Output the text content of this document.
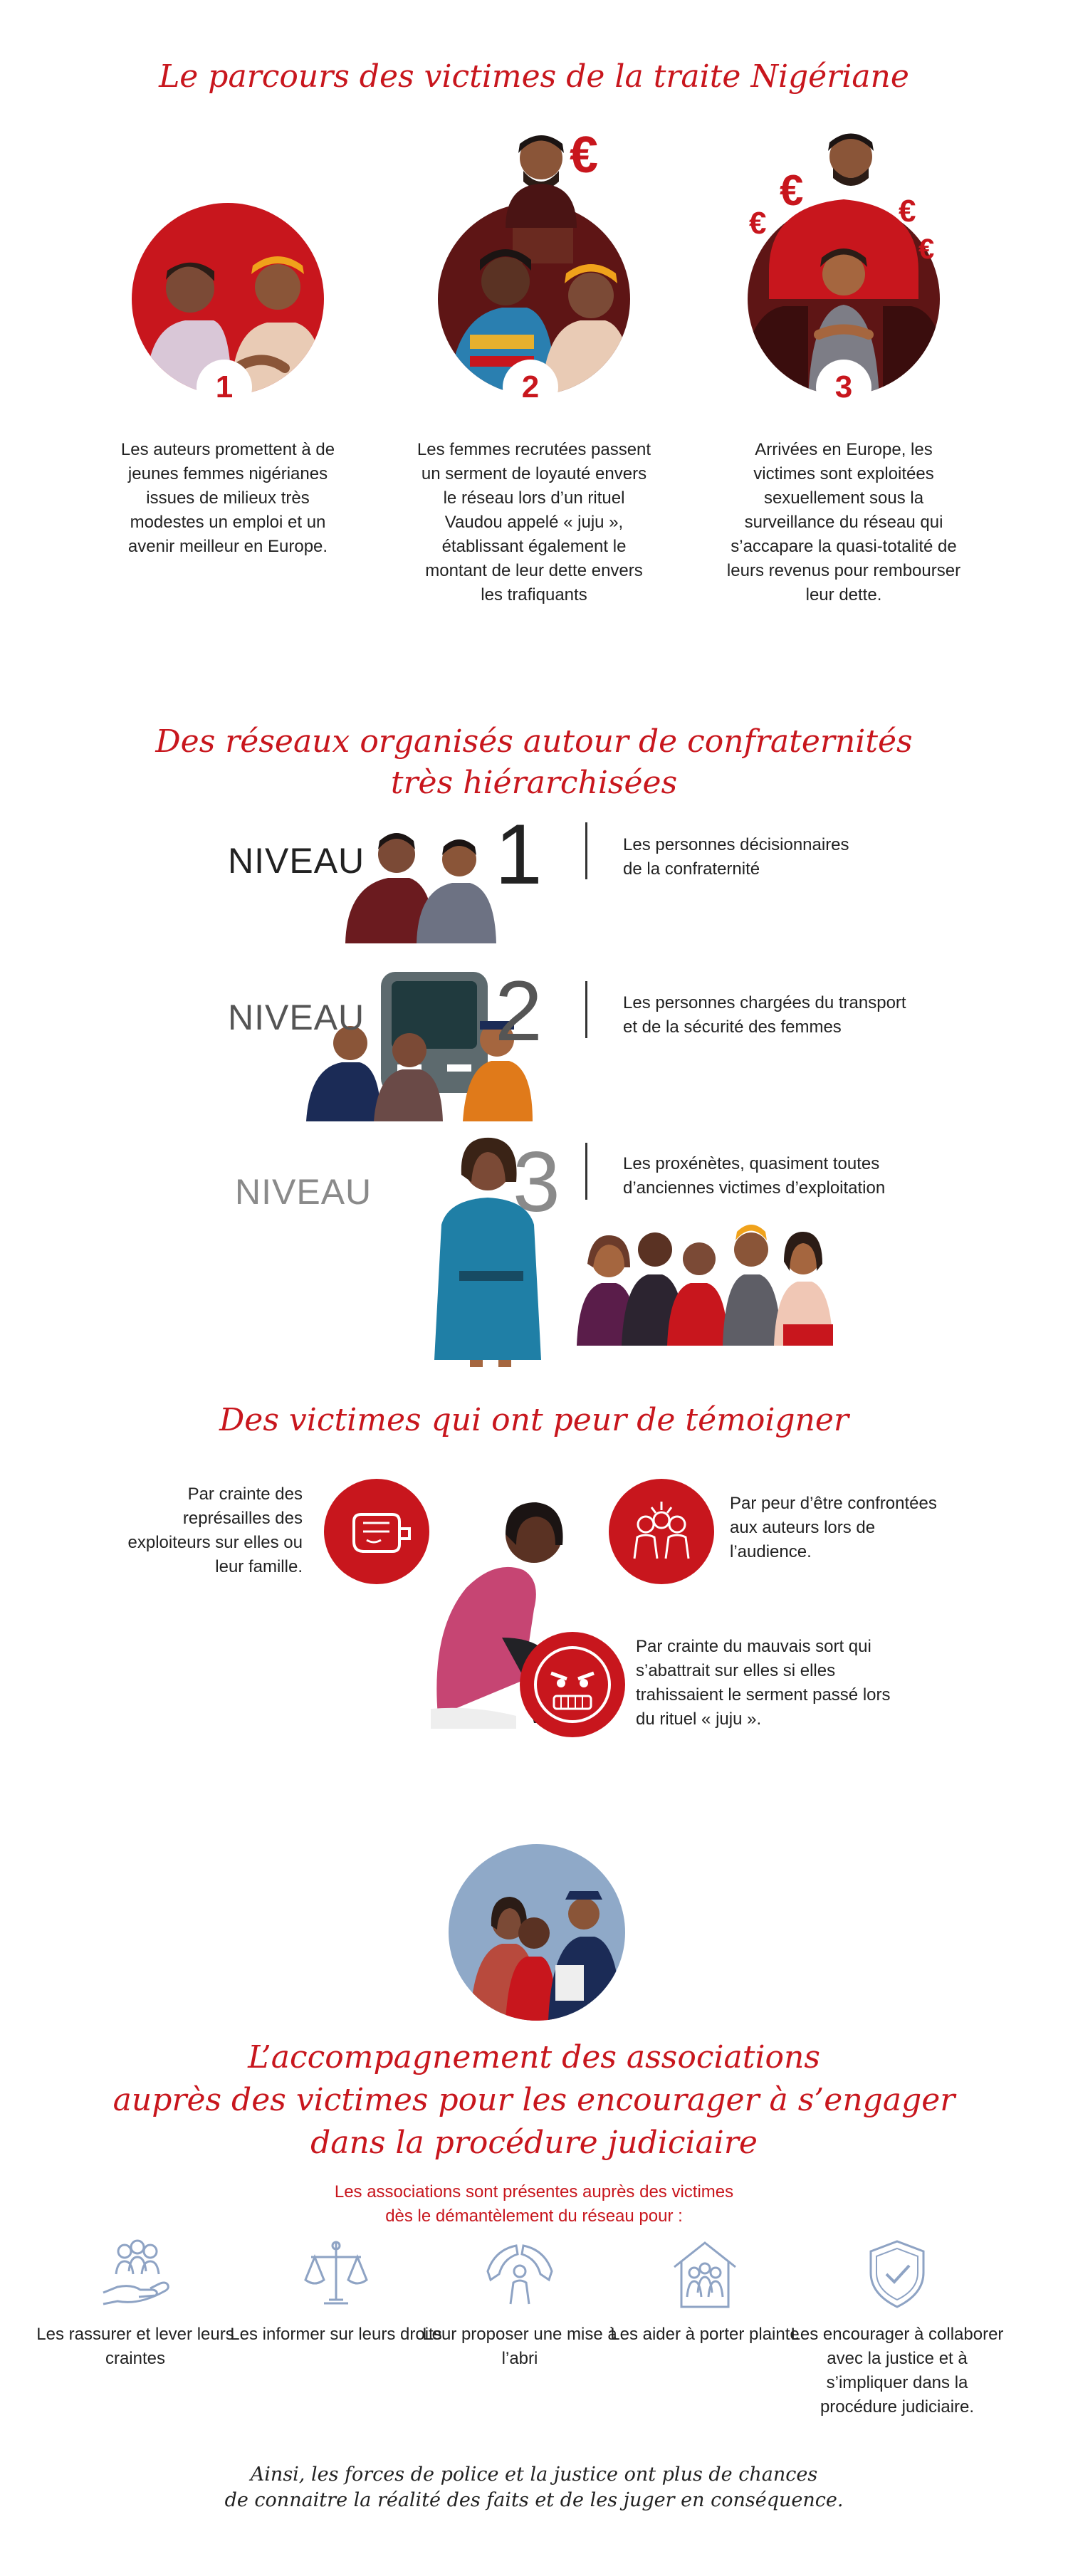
Le parcours des victimes de la traite Nigériane
1
€
2
€
€	€
€
3
Les auteurs promettent à de jeunes femmes nigérianes issues de milieux très modestes un emploi et un avenir meilleur en Europe.
Les femmes recrutées passent un serment de loyauté envers le réseau lors d’un rituel Vaudou appelé « juju », établissant également le montant de leur dette envers les trafiquants
Arrivées en Europe, les victimes sont exploitées sexuellement sous la surveillance du réseau qui s’accapare la quasi-totalité de leurs revenus pour rembourser leur dette.
Des réseaux organisés autour de confraternités
très hiérarchisées
NIVEAU 1	Les personnes décisionnaires
de la confraternité
NIVEAU 2	Les personnes chargées du transport
et de la sécurité des femmes
NIVEAU 3	Les proxénètes, quasiment toutes
d’anciennes victimes d’exploitation
Des victimes qui ont peur de témoigner
Par crainte des représailles des exploiteurs sur elles ou leur famille.
Par peur d’être confrontées aux auteurs lors de l’audience.
Par crainte du mauvais sort qui s’abattrait sur elles si elles trahissaient le serment passé lors du rituel « juju ».
L’accompagnement des associations
auprès des victimes pour les encourager à s’engager
dans la procédure judiciaire
Les associations sont présentes auprès des victimes
dès le démantèlement du réseau pour :
Les rassurer et lever leurs craintes
Les informer sur leurs droits
Leur proposer une mise à l’abri
Les aider à porter plainte
Les encourager à collaborer avec la justice et à s’impliquer dans la procédure judiciaire.
Ainsi, les forces de police et la justice ont plus de chances
de connaitre la réalité des faits et de les juger en conséquence.
